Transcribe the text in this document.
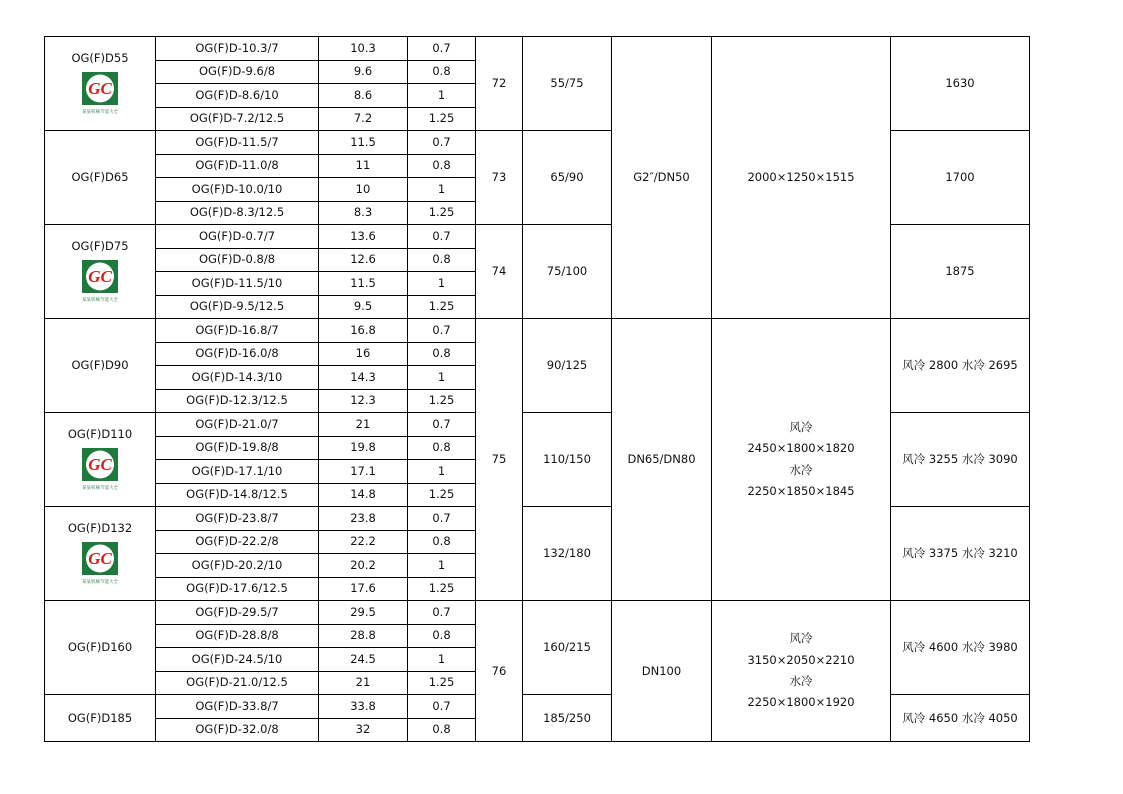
OG(F)D55
GC
某某机械节能大全	OG(F)D-10.3/7	10.3	0.7	72	55/75	G2″/DN50	2000×1250×1515	1630
	OG(F)D-9.6/8	9.6	0.8					
	OG(F)D-8.6/10	8.6	1					
	OG(F)D-7.2/12.5	7.2	1.25					

OG(F)D65	OG(F)D-11.5/7	11.5	0.7	73	65/90			1700
	OG(F)D-11.0/8	11	0.8					
	OG(F)D-10.0/10	10	1					
	OG(F)D-8.3/12.5	8.3	1.25					

OG(F)D75
GC
某某机械节能大全	OG(F)D-0.7/7	13.6	0.7	74	75/100			1875
	OG(F)D-0.8/8	12.6	0.8					
	OG(F)D-11.5/10	11.5	1					
	OG(F)D-9.5/12.5	9.5	1.25					

OG(F)D90	OG(F)D-16.8/7	16.8	0.7	75	90/125	DN65/DN80	风冷
2450×1800×1820
水冷
2250×1850×1845	风冷 2800 水冷 2695
	OG(F)D-16.0/8	16	0.8					
	OG(F)D-14.3/10	14.3	1					
	OG(F)D-12.3/12.5	12.3	1.25					

OG(F)D110
GC
某某机械节能大全	OG(F)D-21.0/7	21	0.7		110/150			风冷 3255 水冷 3090
	OG(F)D-19.8/8	19.8	0.8					
	OG(F)D-17.1/10	17.1	1					
	OG(F)D-14.8/12.5	14.8	1.25					

OG(F)D132
GC
某某机械节能大全	OG(F)D-23.8/7	23.8	0.7		132/180			风冷 3375 水冷 3210
	OG(F)D-22.2/8	22.2	0.8					
	OG(F)D-20.2/10	20.2	1					
	OG(F)D-17.6/12.5	17.6	1.25					

OG(F)D160	OG(F)D-29.5/7	29.5	0.7	76	160/215	DN100	风冷
3150×2050×2210
水冷
2250×1800×1920	风冷 4600 水冷 3980
	OG(F)D-28.8/8	28.8	0.8					
	OG(F)D-24.5/10	24.5	1					
	OG(F)D-21.0/12.5	21	1.25					

OG(F)D185	OG(F)D-33.8/7	33.8	0.7		185/250			风冷 4650 水冷 4050
	OG(F)D-32.0/8	32	0.8					
